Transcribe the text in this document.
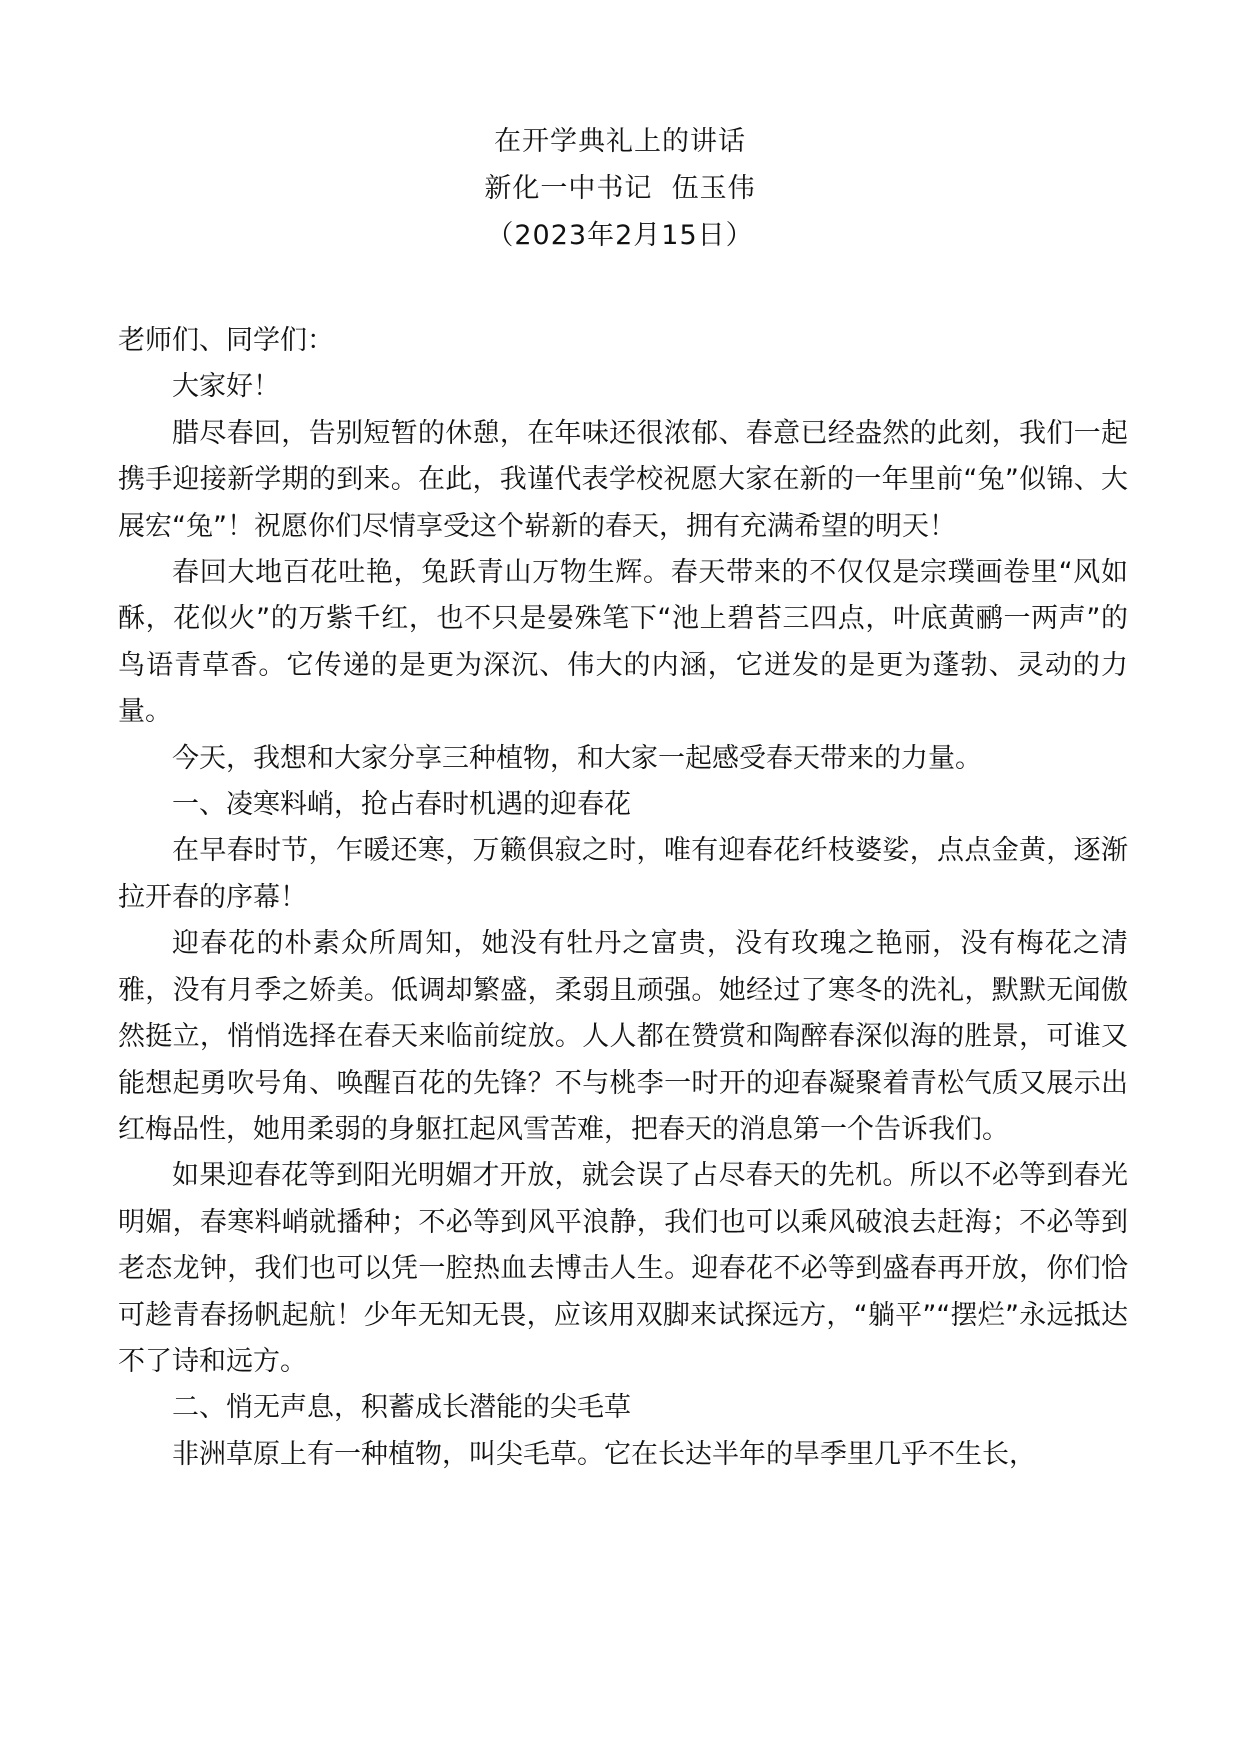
在开学典礼上的讲话
新化一中书记  伍玉伟
（2023年2月15日）

老师们、同学们：

大家好！

腊尽春回，告别短暂的休憩，在年味还很浓郁、春意已经盎然的此刻，我们一起携手迎接新学期的到来。在此，我谨代表学校祝愿大家在新的一年里前“兔”似锦、大展宏“兔”！祝愿你们尽情享受这个崭新的春天，拥有充满希望的明天！

春回大地百花吐艳，兔跃青山万物生辉。春天带来的不仅仅是宗璞画卷里“风如酥，花似火”的万紫千红，也不只是晏殊笔下“池上碧苔三四点，叶底黄鹂一两声”的鸟语青草香。它传递的是更为深沉、伟大的内涵，它迸发的是更为蓬勃、灵动的力量。

今天，我想和大家分享三种植物，和大家一起感受春天带来的力量。

一、凌寒料峭，抢占春时机遇的迎春花

在早春时节，乍暖还寒，万籁俱寂之时，唯有迎春花纤枝婆娑，点点金黄，逐渐拉开春的序幕！

迎春花的朴素众所周知，她没有牡丹之富贵，没有玫瑰之艳丽，没有梅花之清雅，没有月季之娇美。低调却繁盛，柔弱且顽强。她经过了寒冬的洗礼，默默无闻傲然挺立，悄悄选择在春天来临前绽放。人人都在赞赏和陶醉春深似海的胜景，可谁又能想起勇吹号角、唤醒百花的先锋？不与桃李一时开的迎春凝聚着青松气质又展示出红梅品性，她用柔弱的身躯扛起风雪苦难，把春天的消息第一个告诉我们。

如果迎春花等到阳光明媚才开放，就会误了占尽春天的先机。所以不必等到春光明媚，春寒料峭就播种；不必等到风平浪静，我们也可以乘风破浪去赶海；不必等到老态龙钟，我们也可以凭一腔热血去博击人生。迎春花不必等到盛春再开放，你们恰可趁青春扬帆起航！少年无知无畏，应该用双脚来试探远方，“躺平”“摆烂”永远抵达不了诗和远方。

二、悄无声息，积蓄成长潜能的尖毛草

非洲草原上有一种植物，叫尖毛草。它在长达半年的旱季里几乎不生长，
